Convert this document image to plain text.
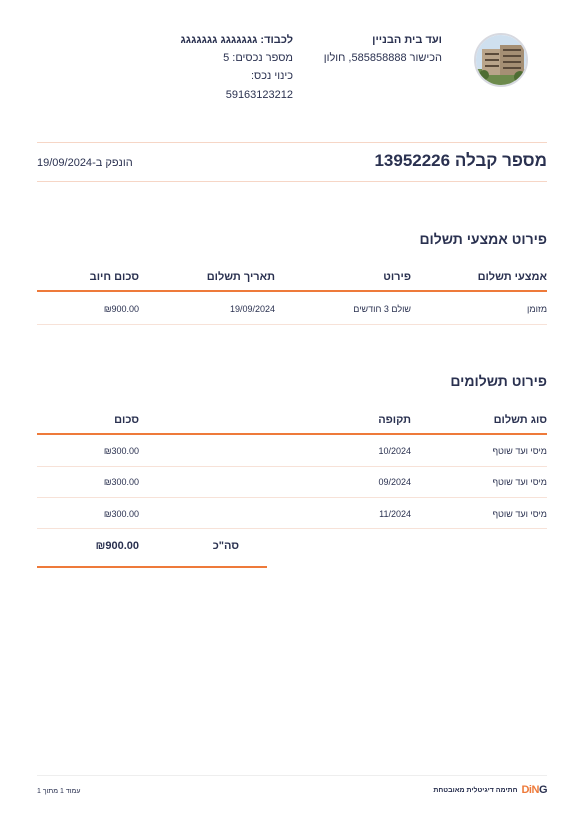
ועד בית הבניין
הכישור 585858888, חולון
לכבוד: גגגגגגג גגגגגגג
מספר נכסים: 5
כינוי נכס:
59163123212
מספר קבלה 13952226
הונפק ב-19/09/2024
פירוט אמצעי תשלום
אמצעי תשלום
פירוט
תאריך תשלום
סכום חיוב
מזומן
שולם 3 חודשים
19/09/2024
₪900.00
פירוט תשלומים
סוג תשלום
תקופה
סכום
מיסי ועד שוטף
10/2024
₪300.00
מיסי ועד שוטף
09/2024
₪300.00
מיסי ועד שוטף
11/2024
₪300.00
סה"כ
₪900.00
עמוד 1 מתוך 1	חתימה דיגיטלית מאובטחת DiNG
